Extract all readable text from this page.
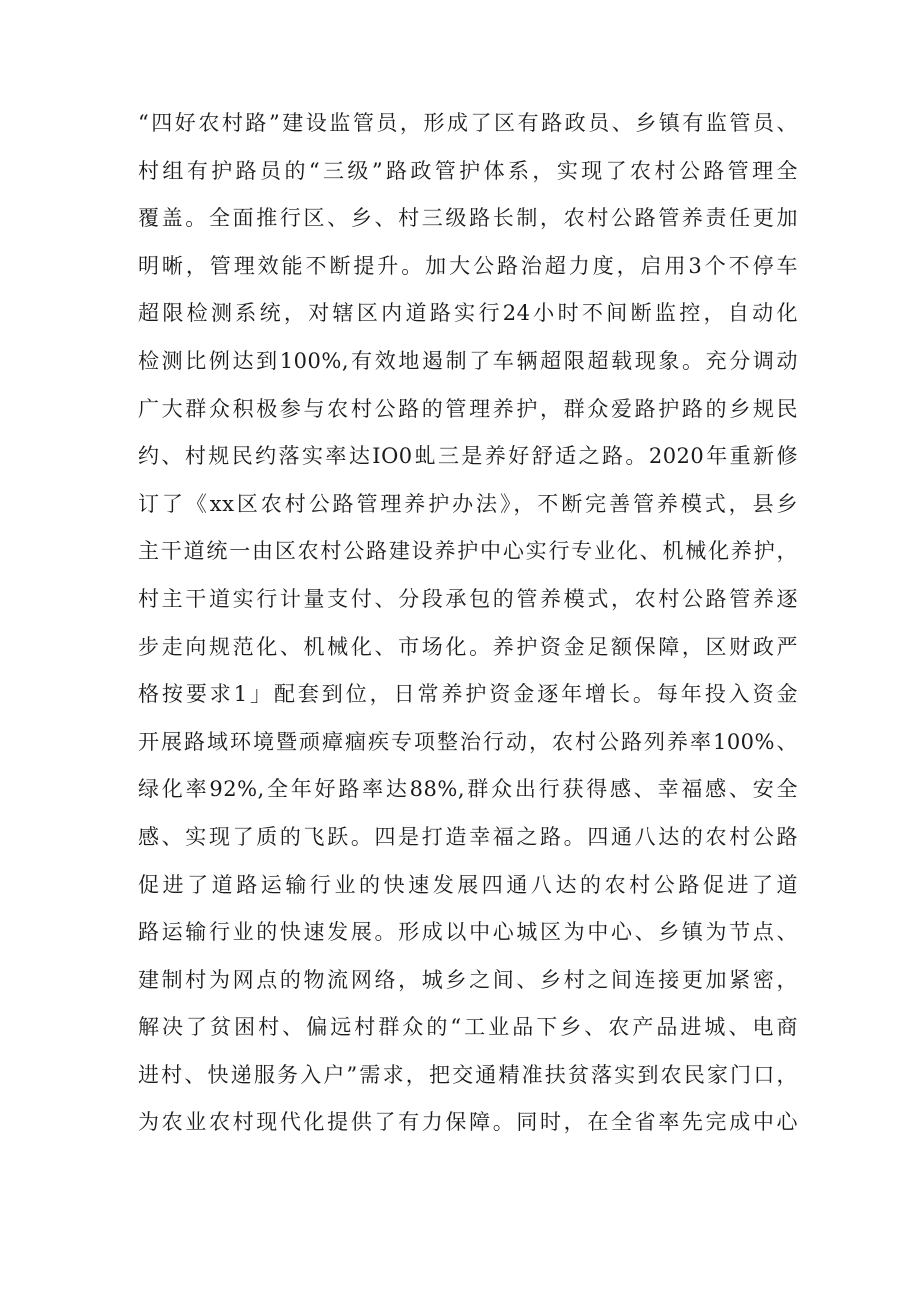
“四好农村路”建设监管员，形成了区有路政员、乡镇有监管员、
村组有护路员的“三级”路政管护体系，实现了农村公路管理全
覆盖。全面推行区、乡、村三级路长制，农村公路管养责任更加
明晰，管理效能不断提升。加大公路治超力度，启用3个不停车
超限检测系统，对辖区内道路实行24小时不间断监控，自动化
检测比例达到100%,有效地遏制了车辆超限超载现象。充分调动
广大群众积极参与农村公路的管理养护，群众爱路护路的乡规民
约、村规民约落实率达IO0虬三是养好舒适之路。2020年重新修
订了《xx区农村公路管理养护办法》，不断完善管养模式，县乡
主干道统一由区农村公路建设养护中心实行专业化、机械化养护，
村主干道实行计量支付、分段承包的管养模式，农村公路管养逐
步走向规范化、机械化、市场化。养护资金足额保障，区财政严
格按要求1」配套到位，日常养护资金逐年增长。每年投入资金
开展路域环境暨顽瘴痼疾专项整治行动，农村公路列养率100%、
绿化率92%,全年好路率达88%,群众出行获得感、幸福感、安全
感、实现了质的飞跃。四是打造幸福之路。四通八达的农村公路
促进了道路运输行业的快速发展四通八达的农村公路促进了道
路运输行业的快速发展。形成以中心城区为中心、乡镇为节点、
建制村为网点的物流网络，城乡之间、乡村之间连接更加紧密，
解决了贫困村、偏远村群众的“工业品下乡、农产品进城、电商
进村、快递服务入户”需求，把交通精准扶贫落实到农民家门口，
为农业农村现代化提供了有力保障。同时，在全省率先完成中心
